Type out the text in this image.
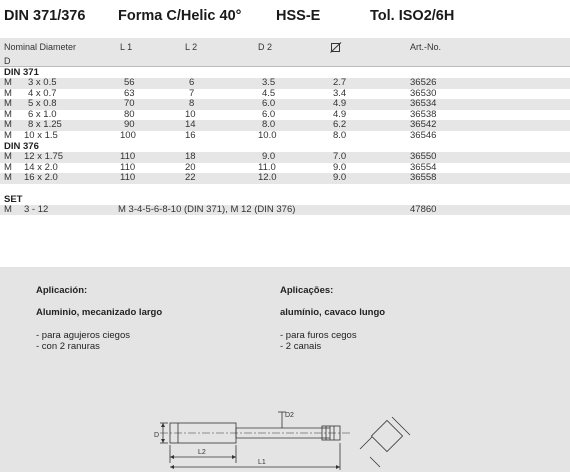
DIN 371/376 Forma C/Helic 40° HSS-E	Tol. ISO2/6H
Nominal Diameter
D
L 1	L 2	D 2	Art.-No.
DIN 371
M 3 x 0.5	56	6	3.5	2.7	36526
M 4 x 0.7	63	7	4.5	3.4	36530
M 5 x 0.8	70	8	6.0	4.9	36534
M 6 x 1.0	80	10	6.0	4.9	36538
M 8 x 1.25	90	14	8.0	6.2	36542
M 10 x 1.5	100	16	10.0	8.0	36546
DIN 376
M 12 x 1.75	110	18	9.0	7.0	36550
M 14 x 2.0	110	20	11.0	9.0	36554
M 16 x 2.0	110	22	12.0	9.0	36558
SET
M 3 - 12	M 3-4-5-6-8-10 (DIN 371), M 12 (DIN 376)	47860
Aplicación:
Aluminio, mecanizado largo
- para agujeros ciegos
- con 2 ranuras
Aplicações:
alumínio, cavaco lungo
- para furos cegos
- 2 canais
D
D2
L2
L1
